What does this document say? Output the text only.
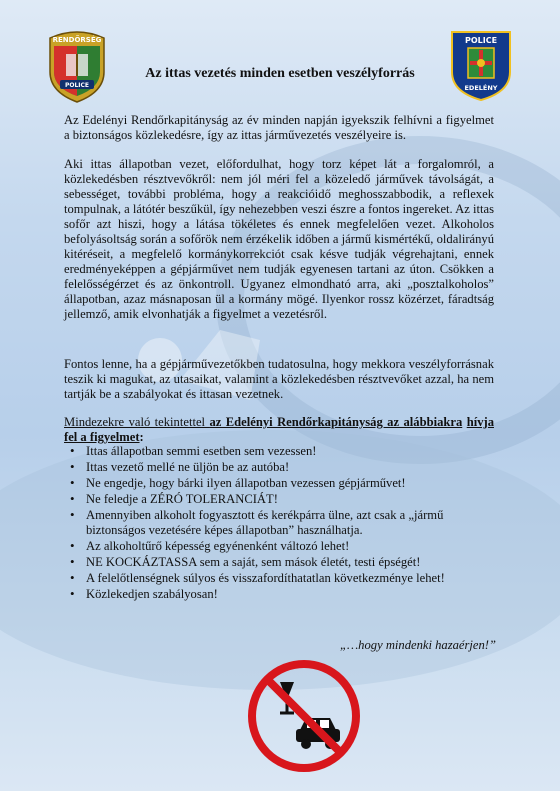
RENDŐRSÉG
POLICE
POLICE
EDELÉNY
Az ittas vezetés minden esetben veszélyforrás

Az Edelényi Rendőrkapitányság az év minden napján igyekszik felhívni a figyelmet a biztonságos közlekedésre, így az ittas járművezetés veszélyeire is.

Aki ittas állapotban vezet, előfordulhat, hogy torz képet lát a forgalomról, a közlekedésben résztvevőkről: nem jól méri fel a közeledő járművek távolságát, a sebességet, további probléma, hogy a reakcióidő meghosszabbodik, a reflexek tompulnak, a látótér beszűkül, így nehezebben veszi észre a fontos ingereket. Az ittas sofőr azt hiszi, hogy a látása tökéletes és ennek megfelelően vezet. Alkoholos befolyásoltság során a sofőrök nem érzékelik időben a jármű kismértékű, oldalirányú kitéréseit, a megfelelő kormánykorrekciót csak késve tudják végrehajtani, ennek eredményeképpen a gépjárművet nem tudják egyenesen tartani az úton. Csökken a felelősségérzet és az önkontroll. Ugyanez elmondható arra, aki „posztalkoholos” állapotban, azaz másnaposan ül a kormány mögé. Ilyenkor rossz közérzet, fáradtság jellemző, amik elvonhatják a figyelmet a vezetésről.

Fontos lenne, ha a gépjárművezetőkben tudatosulna, hogy mekkora veszélyforrásnak teszik ki magukat, az utasaikat, valamint a közlekedésben résztvevőket azzal, ha nem tartják be a szabályokat és ittasan vezetnek.

Mindezekre való tekintettel az Edelényi Rendőrkapitányság az alábbiakra hívja fel a figyelmet:
• Ittas állapotban semmi esetben sem vezessen!
• Ittas vezető mellé ne üljön be az autóba!
• Ne engedje, hogy bárki ilyen állapotban vezessen gépjárművet!
• Ne feledje a ZÉRÓ TOLERANCIÁT!
• Amennyiben alkoholt fogyasztott és kerékpárra ülne, azt csak a „jármű biztonságos vezetésére képes állapotban” használhatja.
• Az alkoholtűrő képesség egyénenként változó lehet!
• NE KOCKÁZTASSA sem a saját, sem mások életét, testi épségét!
• A felelőtlenségnek súlyos és visszafordíthatatlan következménye lehet!
• Közlekedjen szabályosan!
„…hogy mindenki hazaérjen!”
